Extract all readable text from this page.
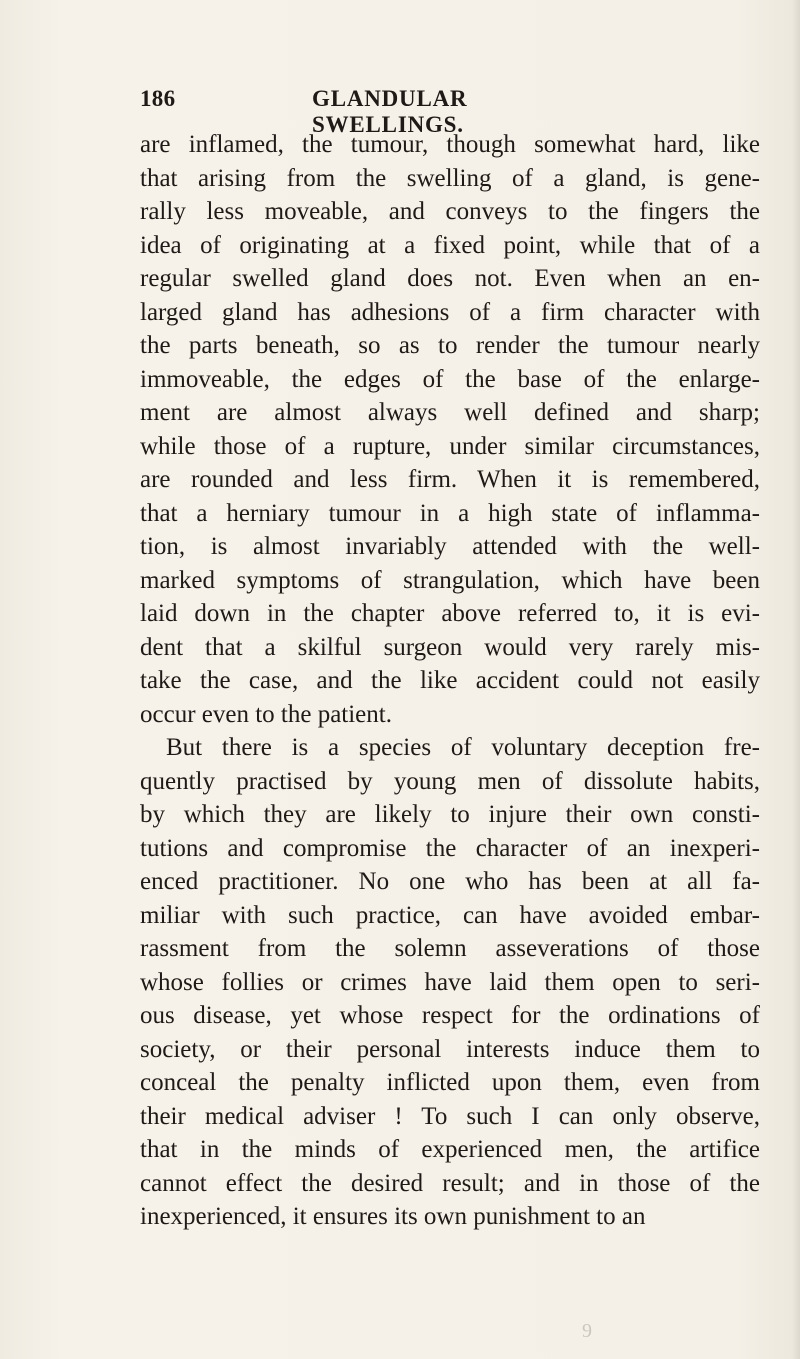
186	GLANDULAR SWELLINGS.
are inflamed, the tumour, though somewhat hard, like
that arising from the swelling of a gland, is gene-
rally less moveable, and conveys to the fingers the
idea of originating at a fixed point, while that of a
regular swelled gland does not. Even when an en-
larged gland has adhesions of a firm character with
the parts beneath, so as to render the tumour nearly
immoveable, the edges of the base of the enlarge-
ment are almost always well defined and sharp;
while those of a rupture, under similar circumstances,
are rounded and less firm. When it is remembered,
that a herniary tumour in a high state of inflamma-
tion, is almost invariably attended with the well-
marked symptoms of strangulation, which have been
laid down in the chapter above referred to, it is evi-
dent that a skilful surgeon would very rarely mis-
take the case, and the like accident could not easily
occur even to the patient.
But there is a species of voluntary deception fre-
quently practised by young men of dissolute habits,
by which they are likely to injure their own consti-
tutions and compromise the character of an inexperi-
enced practitioner. No one who has been at all fa-
miliar with such practice, can have avoided embar-
rassment from the solemn asseverations of those
whose follies or crimes have laid them open to seri-
ous disease, yet whose respect for the ordinations of
society, or their personal interests induce them to
conceal the penalty inflicted upon them, even from
their medical adviser ! To such I can only observe,
that in the minds of experienced men, the artifice
cannot effect the desired result; and in those of the
inexperienced, it ensures its own punishment to an
9
